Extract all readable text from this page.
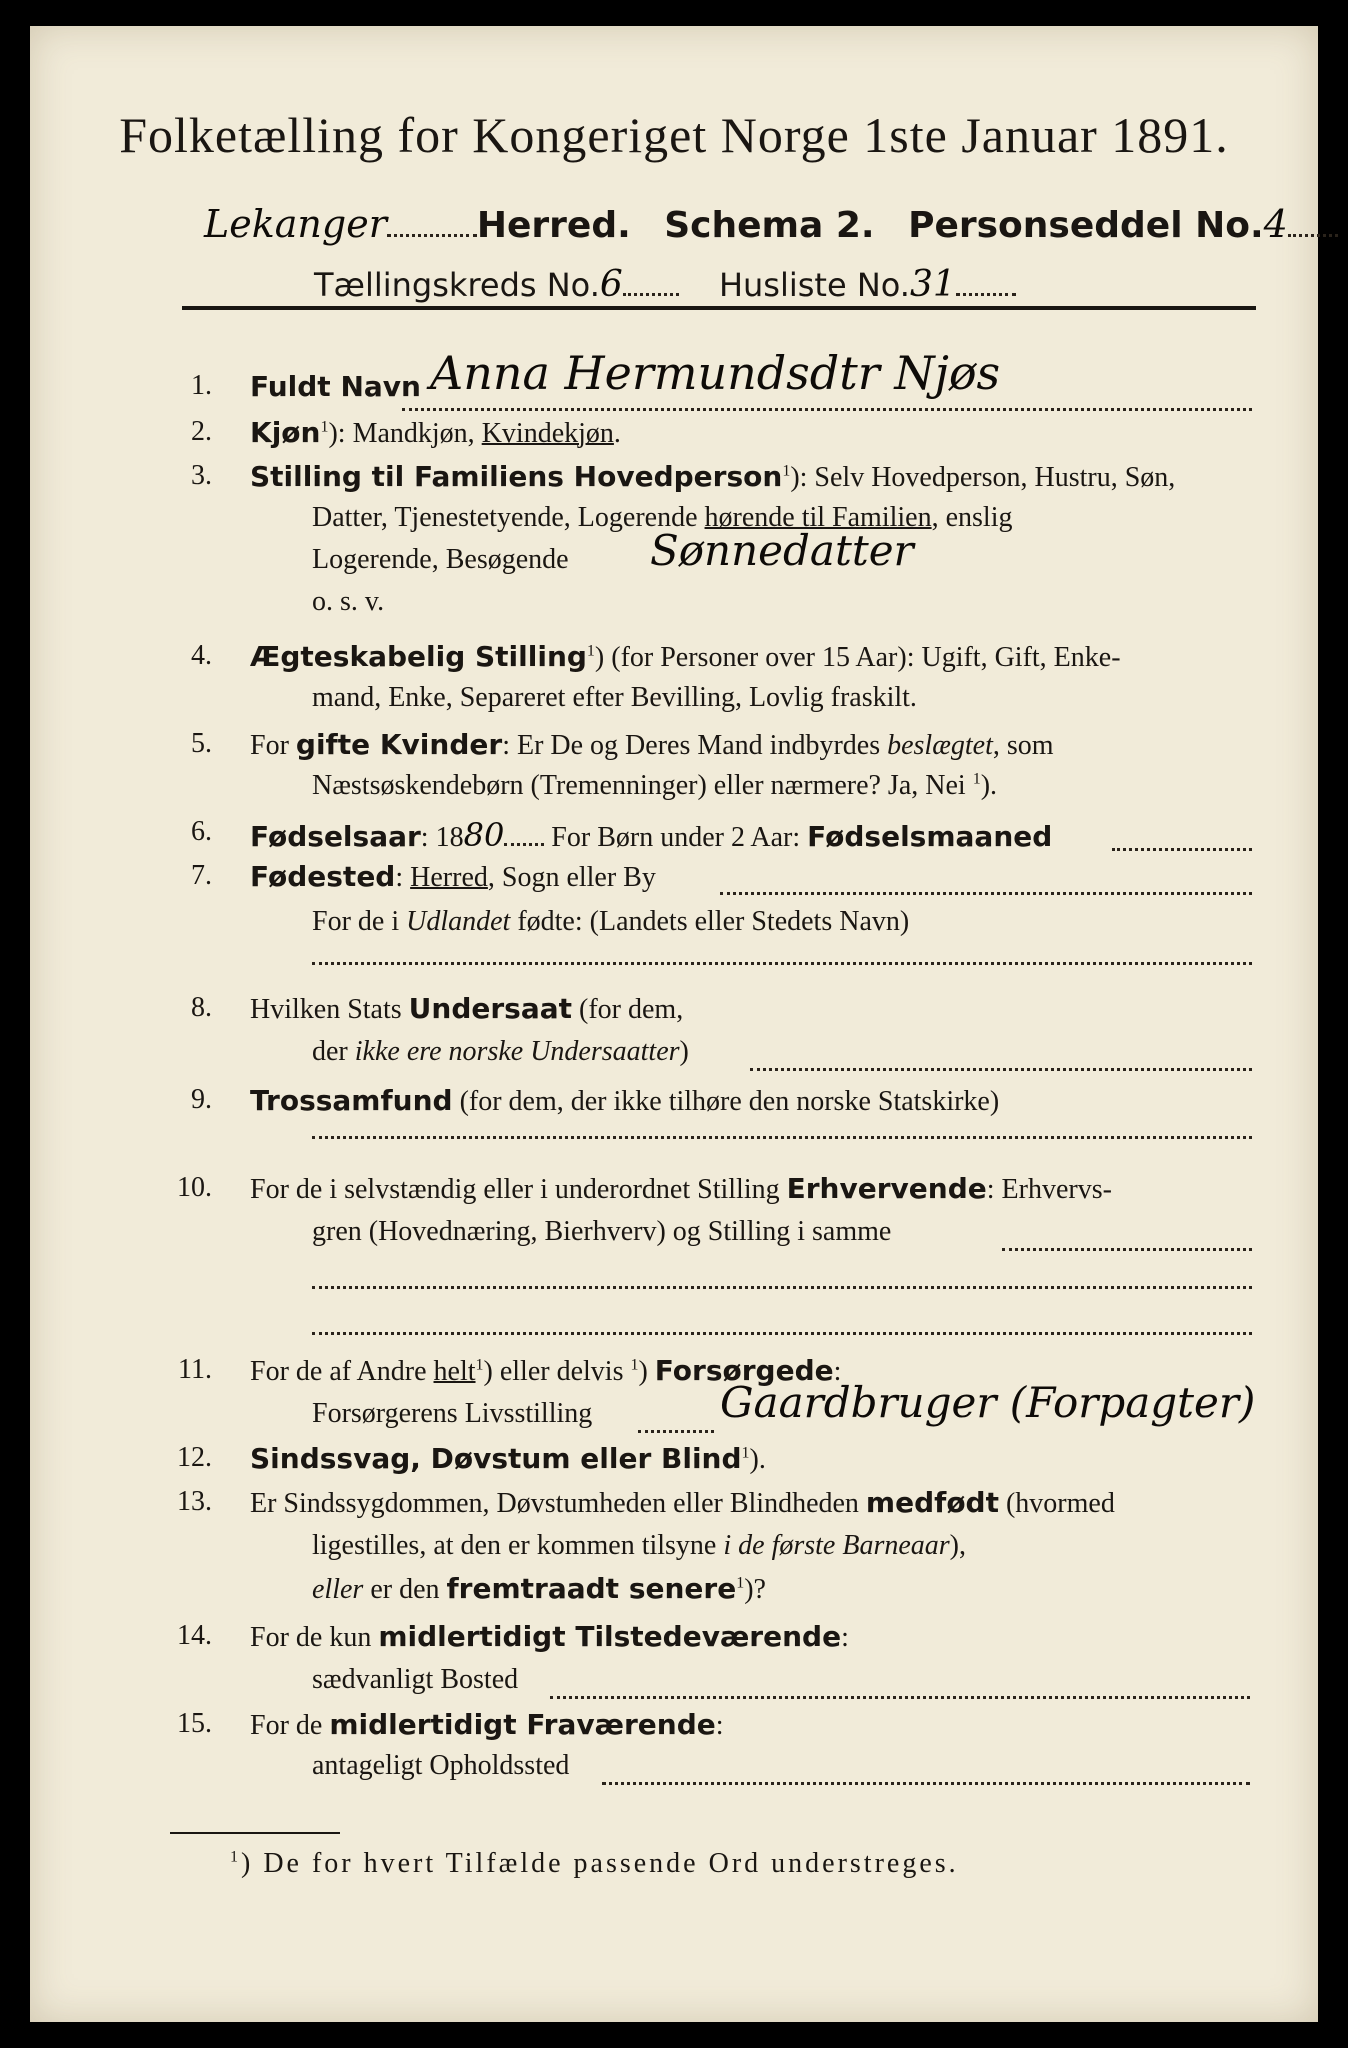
Folketælling for Kongeriget Norge 1ste Januar 1891.
Lekanger	Herred. Schema 2. Personseddel No.4
Tællingskreds No.6	Husliste No.31
1. Fuldt Navn Anna Hermundsdtr Njøs
2. Kjøn$^1$): Mandkjøn, Kvindekjøn.
3. Stilling til Familiens Hovedperson$^1$): Selv Hovedperson, Hustru, Søn,
Datter, Tjenestetyende, Logerende hørende til Familien, enslig
Logerende, Besøgende Sønnedatter
o. s. v.
4. Ægteskabelig Stilling$^1$) (for Personer over 15 Aar): Ugift, Gift, Enke-
mand, Enke, Separeret efter Bevilling, Lovlig fraskilt.
5. For gifte Kvinder: Er De og Deres Mand indbyrdes beslægtet, som
Næstsøskendebørn (Tremenninger) eller nærmere? Ja, Nei $^1$).
6. Fødselsaar: 1880 For Børn under 2 Aar: Fødselsmaaned
7. Fødested: Herred, Sogn eller By
For de i Udlandet fødte: (Landets eller Stedets Navn)
8. Hvilken Stats Undersaat (for dem,
der ikke ere norske Undersaatter)
9. Trossamfund (for dem, der ikke tilhøre den norske Statskirke)
10. For de i selvstændig eller i underordnet Stilling Erhvervende: Erhvervs-
gren (Hovednæring, Bierhverv) og Stilling i samme
11. For de af Andre helt$^1$) eller delvis $^1$) Forsørgede:
Forsørgerens Livsstilling	Gaardbruger (Forpagter)
12. Sindssvag, Døvstum eller Blind$^1$).
13. Er Sindssygdommen, Døvstumheden eller Blindheden medfødt (hvormed
ligestilles, at den er kommen tilsyne i de første Barneaar),
eller er den fremtraadt senere$^1$)?
14. For de kun midlertidigt Tilstedeværende:
sædvanligt Bosted
15. For de midlertidigt Fraværende:
antageligt Opholdssted
$^1$) De for hvert Tilfælde passende Ord understreges.
